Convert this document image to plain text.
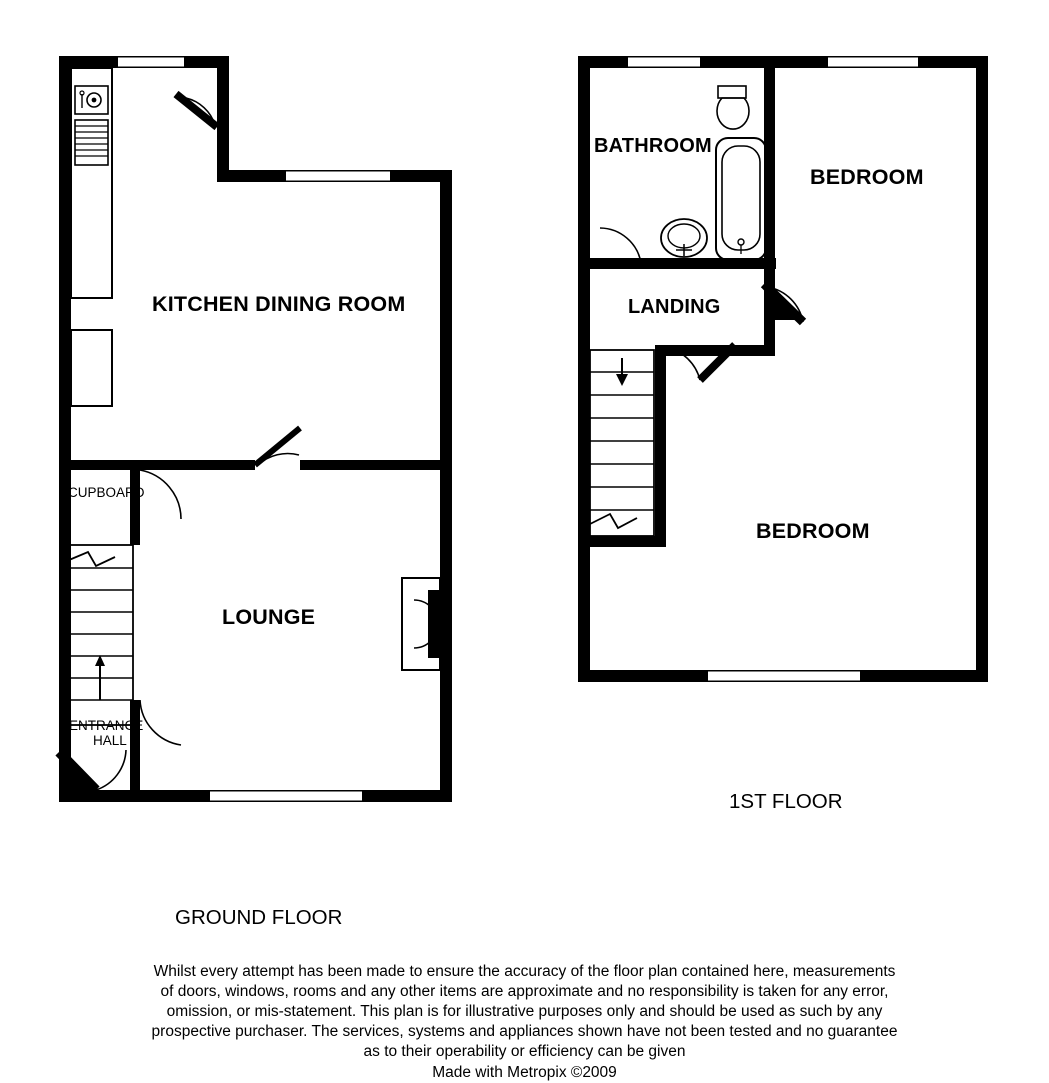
KITCHEN DINING ROOM
LOUNGE
CUPBOARD
ENTRANCE
HALL
BATHROOM
BEDROOM
LANDING
BEDROOM
1ST FLOOR
GROUND FLOOR
Whilst every attempt has been made to ensure the accuracy of the floor plan contained here, measurements
of doors, windows, rooms and any other items are approximate and no responsibility is taken for any error,
omission, or mis-statement. This plan is for illustrative purposes only and should be used as such by any
prospective purchaser. The services, systems and appliances shown have not been tested and no guarantee
as to their operability or efficiency can be given
Made with Metropix ©2009
